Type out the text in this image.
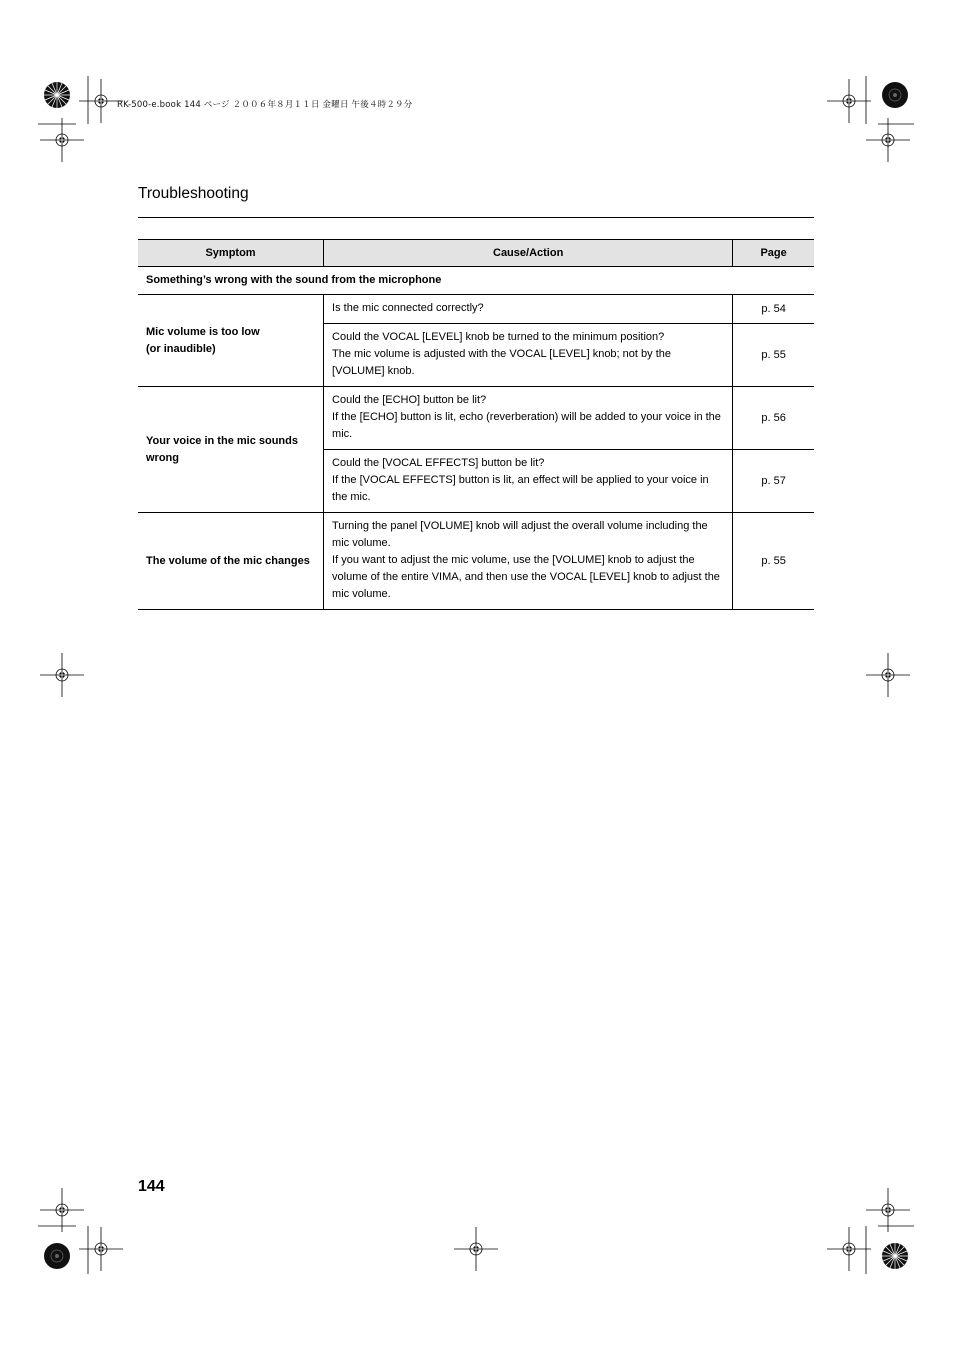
RK-500-e.book 144 ページ ２００６年８月１１日 金曜日 午後４時２９分
Troubleshooting
Symptom	Cause/Action	Page
Something’s wrong with the sound from the microphone		

Mic volume is too low
(or inaudible)	Is the mic connected correctly?	p. 54

	Could the VOCAL [LEVEL] knob be turned to the minimum position?

The mic volume is adjusted with the VOCAL [LEVEL] knob; not by the [VOLUME] knob.	p. 55

Your voice in the mic sounds wrong	Could the [ECHO] button be lit?

If the [ECHO] button is lit, echo (reverberation) will be added to your voice in the mic.	p. 56

	Could the [VOCAL EFFECTS] button be lit?

If the [VOCAL EFFECTS] button is lit, an effect will be applied to your voice in the mic.	p. 57

The volume of the mic changes	Turning the panel [VOLUME] knob will adjust the overall volume including the mic volume.

If you want to adjust the mic volume, use the [VOLUME] knob to adjust the volume of the entire VIMA, and then use the VOCAL [LEVEL] knob to adjust the mic volume.	p. 55
144
